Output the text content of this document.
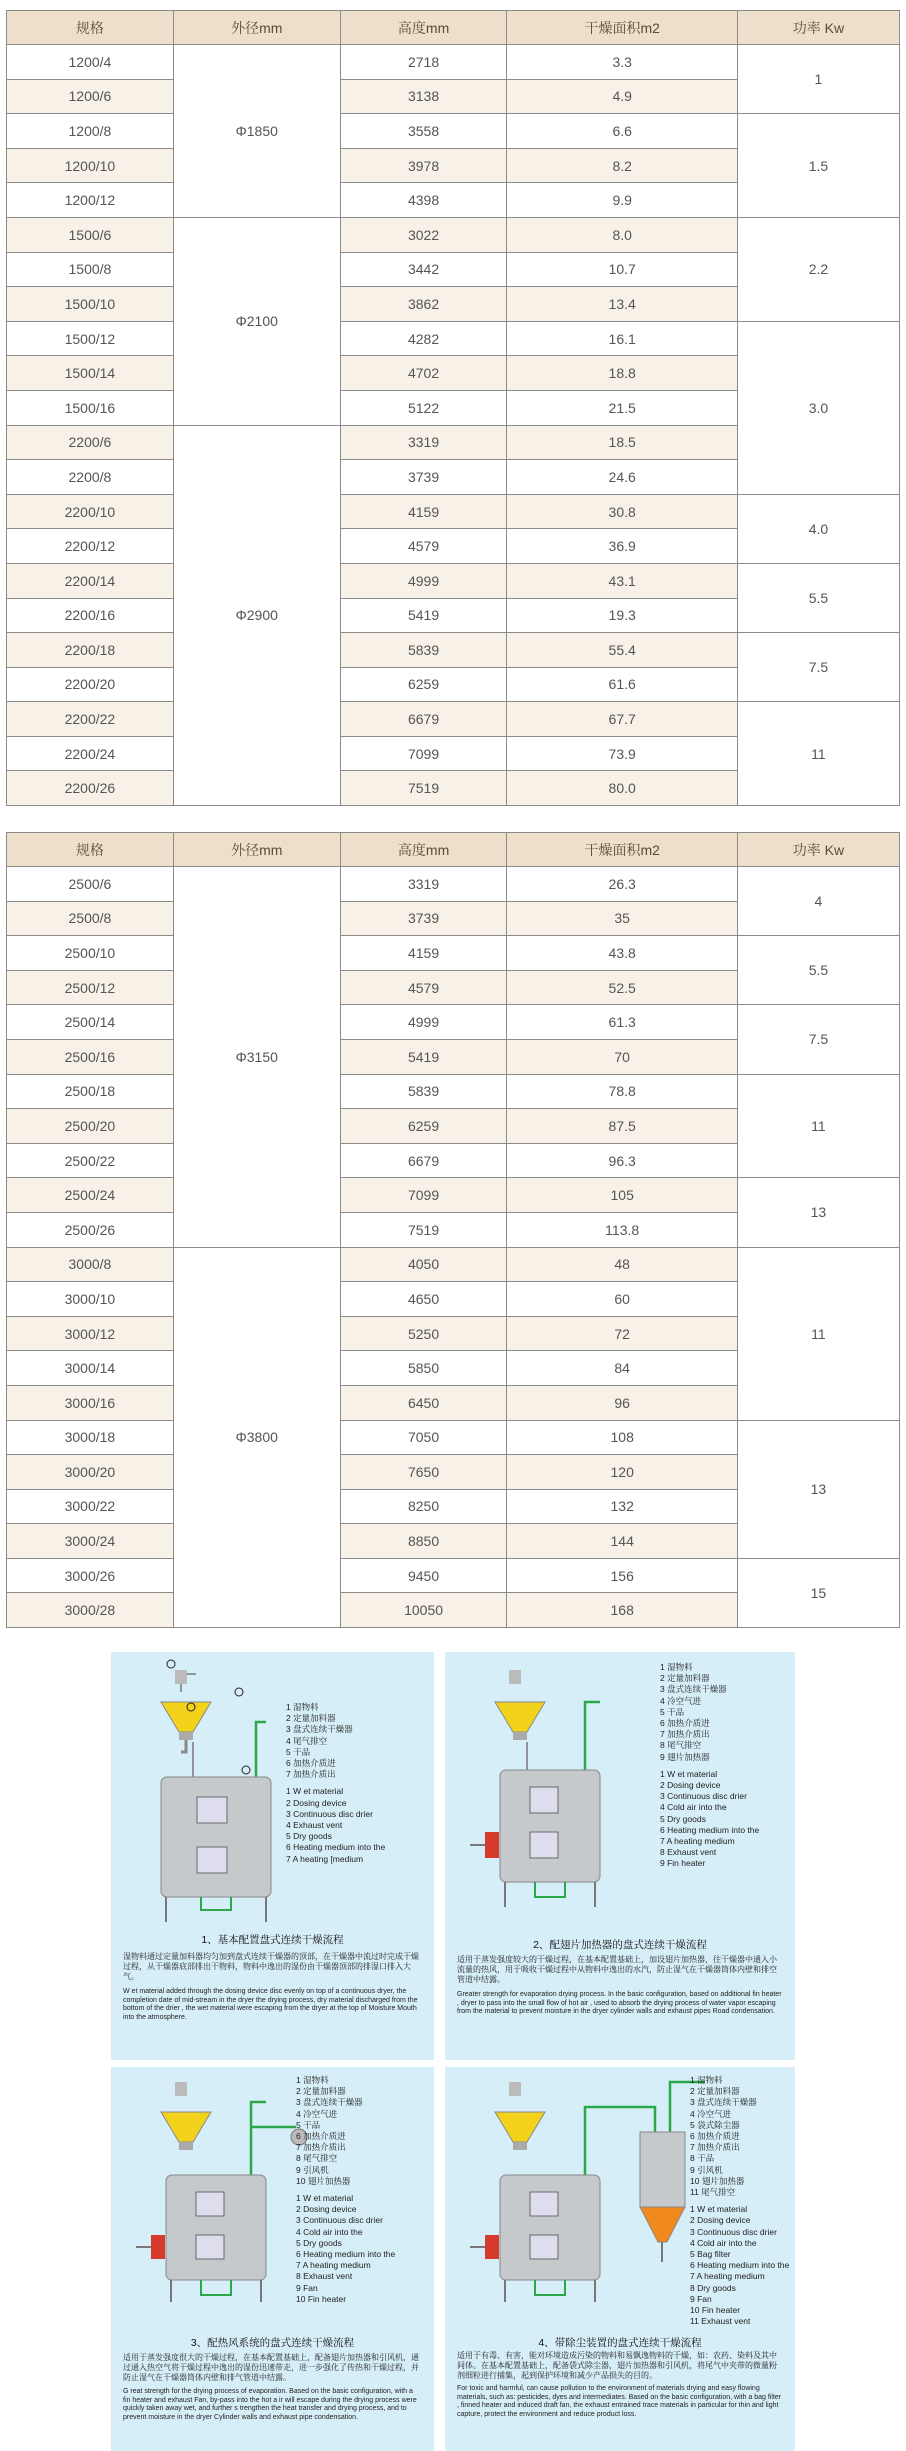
规格	外径mm	高度mm	干燥面积m2	功率 Kw
1200/4	Φ1850	2718	3.3	1
1200/6		3138	4.9	
1200/8		3558	6.6	1.5
1200/10		3978	8.2	
1200/12		4398	9.9	
1500/6	Φ2100	3022	8.0	2.2
1500/8		3442	10.7	
1500/10		3862	13.4	
1500/12		4282	16.1	3.0
1500/14		4702	18.8	
1500/16		5122	21.5	
2200/6	Φ2900	3319	18.5	
2200/8		3739	24.6	
2200/10		4159	30.8	4.0
2200/12		4579	36.9	
2200/14		4999	43.1	5.5
2200/16		5419	19.3	
2200/18		5839	55.4	7.5
2200/20		6259	61.6	
2200/22		6679	67.7	11
2200/24		7099	73.9	
2200/26		7519	80.0	
规格	外径mm	高度mm	干燥面积m2	功率 Kw
2500/6	Φ3150	3319	26.3	4
2500/8		3739	35	
2500/10		4159	43.8	5.5
2500/12		4579	52.5	
2500/14		4999	61.3	7.5
2500/16		5419	70	
2500/18		5839	78.8	11
2500/20		6259	87.5	
2500/22		6679	96.3	
2500/24		7099	105	13
2500/26		7519	113.8	
3000/8	Φ3800	4050	48	11
3000/10		4650	60	
3000/12		5250	72	
3000/14		5850	84	
3000/16		6450	96	
3000/18		7050	108	13
3000/20		7650	120	
3000/22		8250	132	
3000/24		8850	144	
3000/26		9450	156	15
3000/28		10050	168	
1 湿物料
2 定量加料器
3 盘式连续干燥器
4 尾气排空
5 干品
6 加热介质进
7 加热介质出
1 W et material
2 Dosing device
3 Continuous disc drier
4 Exhaust vent
5 Dry goods
6 Heating medium into the
7 A heating [medium
1、基本配置盘式连续干燥流程
湿物料通过定量加料器均匀加到盘式连续干燥器的顶部，在干燥器中流过时完成干燥过程，从干燥器底部排出干物料，物料中逸出的湿份由干燥器顶部的排湿口排入大气。
W et material added through the dosing device disc evenly on top of a continuous dryer, the completion date of mid-stream in the dryer the drying process, dry material discharged from the bottom of the drier , the wet material were escaping from the dryer at the top of Moisture Mouth into the atmosphere.
1 湿物料
2 定量加料器
3 盘式连续干燥器
4 冷空气进
5 干品
6 加热介质进
7 加热介质出
8 尾气排空
9 翅片加热器
1 W et material
2 Dosing device
3 Continuous disc drier
4 Cold air into the
5 Dry goods
6 Heating medium into the
7 A heating medium
8 Exhaust vent
9 Fin heater
2、配翅片加热器的盘式连续干燥流程
适用于蒸发强度较大的干燥过程，在基本配置基础上，加设翅片加热器，往干燥器中通入小流量的热风，用于吸收干燥过程中从物料中逸出的水汽，防止湿气在干燥器筒体内壁和排空管道中结露。
Greater strength for evaporation drying process. In the basic configuration, based on additional fin heater , dryer to pass into the small flow of hot air , used to absorb the drying process of water vapor escaping from the material to prevent moisture in the dryer cylinder walls and exhaust pipes Road condensation.
1 湿物料
2 定量加料器
3 盘式连续干燥器
4 冷空气进
5 干品
6 加热介质进
7 加热介质出
8 尾气排空
9 引风机
10 翅片加热器
1 W et material
2 Dosing device
3 Continuous disc drier
4 Cold air into the
5 Dry goods
6 Heating medium into the
7 A heating medium
8 Exhaust vent
9 Fan
10 Fin heater
3、配热风系统的盘式连续干燥流程
适用于蒸发强度很大的干燥过程，在基本配置基础上，配备翅片加热器和引风机，通过通入热空气将干燥过程中逸出的湿份迅速带走，进一步强化了传热和干燥过程，并防止湿气在干燥器筒体内壁和排气管道中结露。
G reat strength for the drying process of evaporation. Based on the basic configuration, with a fin heater and exhaust Fan, by-pass into the hot a ir will escape during the drying process were quickly taken away wet, and further s trengthen the heat transfer and drying process, and to prevent moisture in the dryer Cylinder walls and exhaust pipe condensation.
1 湿物料
2 定量加料器
3 盘式连续干燥器
4 冷空气进
5 袋式除尘器
6 加热介质进
7 加热介质出
8 干品
9 引风机
10 翅片加热器
11 尾气排空
1 W et material
2 Dosing device
3 Continuous disc drier
4 Cold air into the
5 Bag filter
6 Heating medium into the
7 A heating medium
8 Dry goods
9 Fan
10 Fin heater
11 Exhaust vent
4、带除尘装置的盘式连续干燥流程
适用于有毒、有害，能对环境造成污染的物料和易飘逸物料的干燥，如：农药、染料及其中间体。在基本配置基础上，配备袋式除尘器，翅片加热器和引风机，将尾气中夹带的微量粉剂细粒进行捕集，起到保护环境和减少产品损失的目的。
For toxic and harmful, can cause pollution to the environment of materials drying and easy flowing materials, such as: pesticides, dyes and intermediates. Based on the basic configuration, with a bag filter , finned heater and induced draft fan, the exhaust entrained trace materials in particular for thin and light capture, protect the environment and reduce product loss.
